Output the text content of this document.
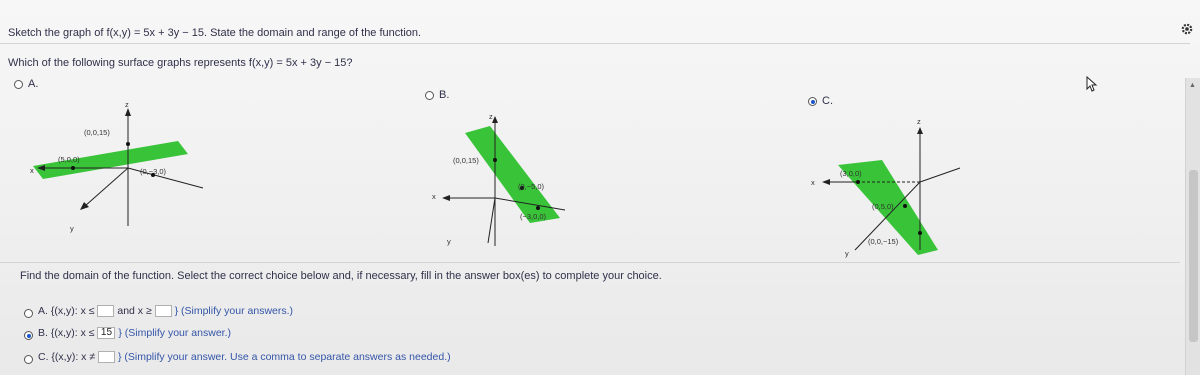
Sketch the graph of f(x,y) = 5x + 3y − 15. State the domain and range of the function.
Which of the following surface graphs represents f(x,y) = 5x + 3y − 15?
A.
z
x
y
(0,0,15)
(5,0,0)
(0,−3,0)
B.
z
x
y
(0,0,15)
(0,−5,0)
(−3,0,0)
C.
z
x
y
(3,0,0)
(0,5,0)
(0,0,−15)
Find the domain of the function. Select the correct choice below and, if necessary, fill in the answer box(es) to complete your choice.
A. {(x,y): x ≤ and x ≥ } (Simplify your answers.)
B. {(x,y): x ≤ 15 } (Simplify your answer.)
C. {(x,y): x ≠ } (Simplify your answer. Use a comma to separate answers as needed.)
▲
